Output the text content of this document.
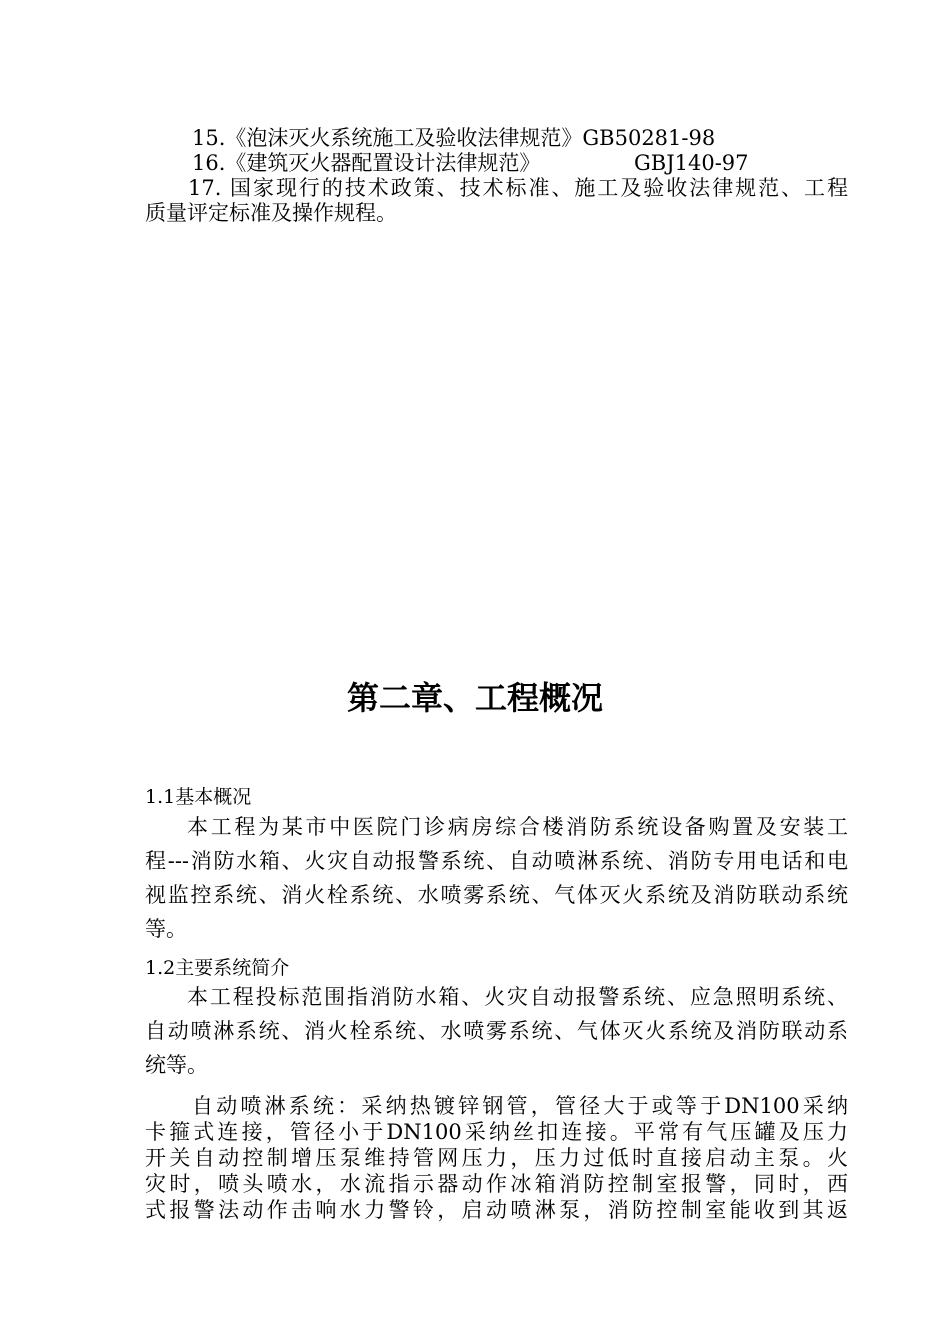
15.《泡沫灭火系统施工及验收法律规范》GB50281-98
16.《建筑灭火器配置设计法律规范》	GBJ140-97
17. 国家现行的技术政策、技术标准、施工及验收法律规范、工程
质量评定标准及操作规程。
第二章、工程概况
1.1基本概况
本工程为某市中医院门诊病房综合楼消防系统设备购置及安装工
程---消防水箱、火灾自动报警系统、自动喷淋系统、消防专用电话和电
视监控系统、消火栓系统、水喷雾系统、气体灭火系统及消防联动系统
等。
1.2主要系统简介
本工程投标范围指消防水箱、火灾自动报警系统、应急照明系统、
自动喷淋系统、消火栓系统、水喷雾系统、气体灭火系统及消防联动系
统等。
自动喷淋系统：采纳热镀锌钢管，管径大于或等于DN100采纳
卡箍式连接，管径小于DN100采纳丝扣连接。平常有气压罐及压力
开关自动控制增压泵维持管网压力，压力过低时直接启动主泵。火
灾时，喷头喷水，水流指示器动作冰箱消防控制室报警，同时，西
式报警法动作击响水力警铃，启动喷淋泵，消防控制室能收到其返
